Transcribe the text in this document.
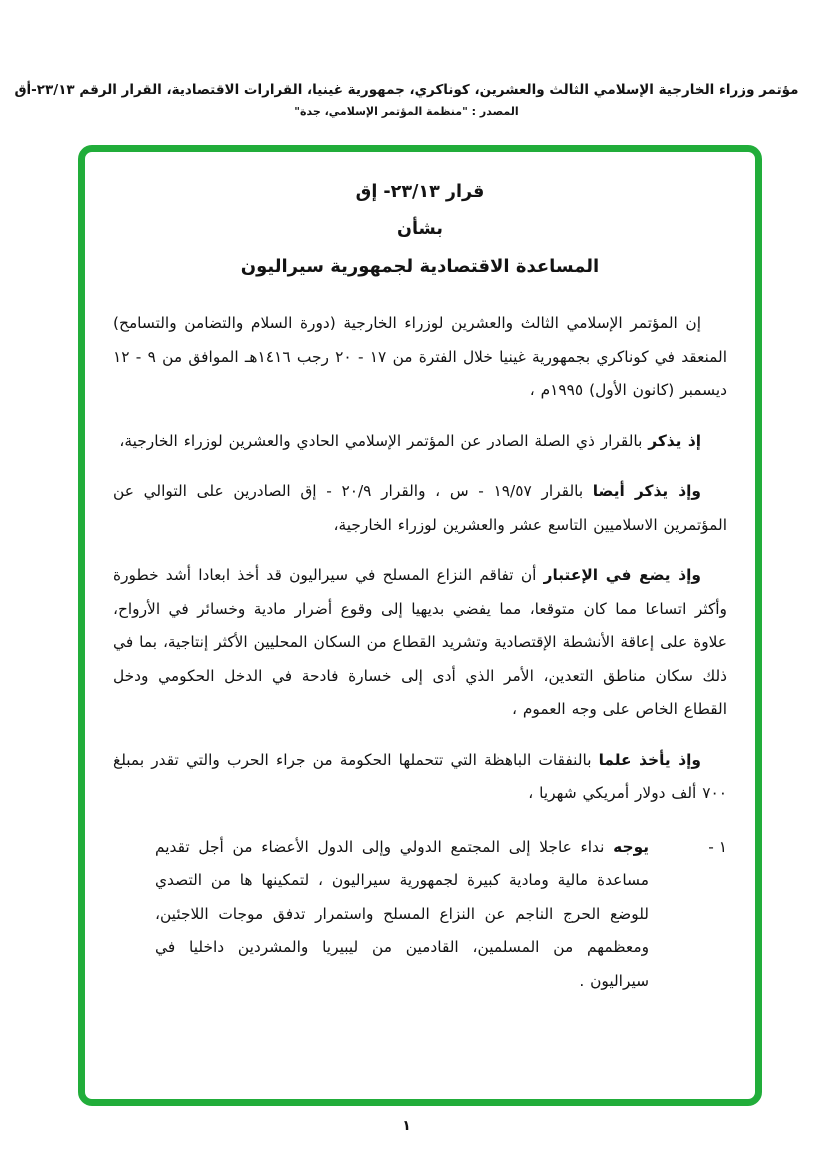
مؤتمر وزراء الخارجية الإسلامي الثالث والعشرين، كوناكري، جمهورية غينيا، القرارات الاقتصادية، القرار الرقم ٢٣/١٣-أق
المصدر : "منظمة المؤتمر الإسلامي، جدة"
قرار ٢٣/١٣- إق
بشأن
المساعدة الاقتصادية لجمهورية سيراليون

إن المؤتمر الإسلامي الثالث والعشرين لوزراء الخارجية (دورة السلام والتضامن والتسامح) المنعقد في كوناكري بجمهورية غينيا خلال الفترة من ١٧ - ٢٠ رجب ١٤١٦هـ الموافق من ٩ - ١٢ ديسمبر (كانون الأول) ١٩٩٥م ،

إذ يذكر بالقرار ذي الصلة الصادر عن المؤتمر الإسلامي الحادي والعشرين لوزراء الخارجية،

وإذ يذكر أيضا بالقرار ١٩/٥٧ - س ، والقرار ٢٠/٩ - إق الصادرين على التوالي عن المؤتمرين الاسلاميين التاسع عشر والعشرين لوزراء الخارجية،

وإذ يضع في الإعتبار أن تفاقم النزاع المسلح في سيراليون قد أخذ ابعادا أشد خطورة وأكثر اتساعا مما كان متوقعا، مما يفضي بديهيا إلى وقوع أضرار مادية وخسائر في الأرواح، علاوة على إعاقة الأنشطة الإقتصادية وتشريد القطاع من السكان المحليين الأكثر إنتاجية، بما في ذلك سكان مناطق التعدين، الأمر الذي أدى إلى خسارة فادحة في الدخل الحكومي ودخل القطاع الخاص على وجه العموم ،

وإذ يأخذ علما بالنفقات الباهظة التي تتحملها الحكومة من جراء الحرب والتي تقدر بمبلغ ٧٠٠ ألف دولار أمريكي شهريا ،

١ -
يوجه نداء عاجلا إلى المجتمع الدولي وإلى الدول الأعضاء من أجل تقديم مساعدة مالية ومادية كبيرة لجمهورية سيراليون ، لتمكينها ها من التصدي للوضع الحرج الناجم عن النزاع المسلح واستمرار تدفق موجات اللاجئين، ومعظمهم من المسلمين، القادمين من ليبيريا والمشردين داخليا في سيراليون .
١
